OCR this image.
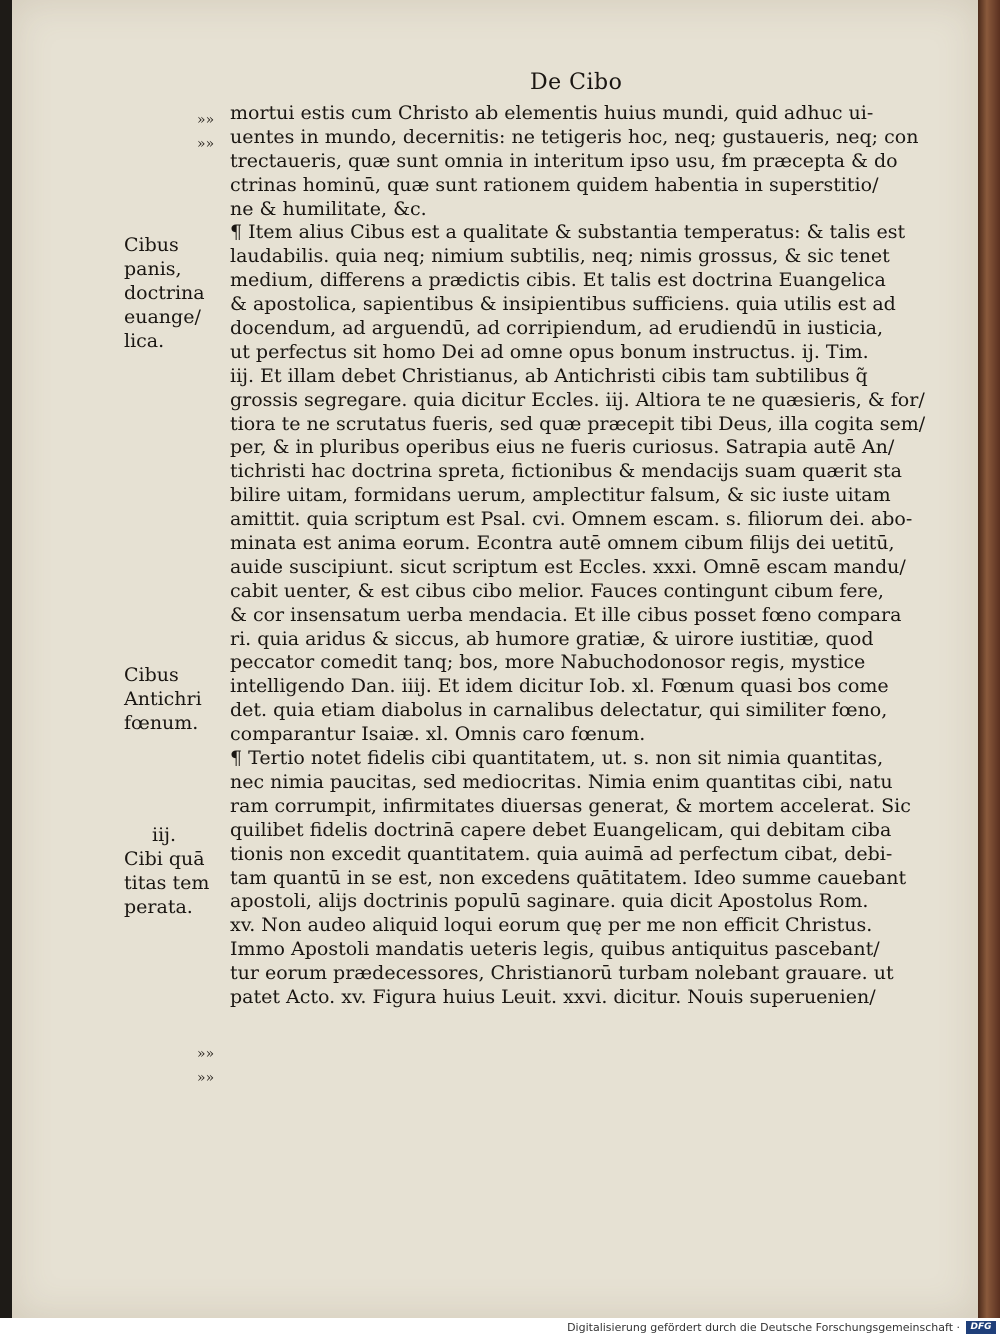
De Cibo
»»
»»
»»
»»
Cibus
panis,
doctrina
euange/
lica.
Cibus
Antichri
fœnum.
iij.
Cibi quā
titas tem
perata.
mortui estis cum Christo ab elementis huius mundi, quid adhuc ui-
uentes in mundo, decernitis: ne tetigeris hoc, neq; gustaueris, neq; con
trectaueris, quæ sunt omnia in interitum ipso usu, ẜm præcepta & do
ctrinas hominū, quæ sunt rationem quidem habentia in superstitio/
ne & humilitate, &c.
¶ Item alius Cibus est a qualitate & substantia temperatus: & talis est
laudabilis. quia neq; nimium subtilis, neq; nimis grossus, & sic tenet
medium, differens a prædictis cibis. Et talis est doctrina Euangelica
& apostolica, sapientibus & insipientibus sufficiens. quia utilis est ad
docendum, ad arguendū, ad corripiendum, ad erudiendū in iusticia,
ut perfectus sit homo Dei ad omne opus bonum instructus. ij. Tim.
iij. Et illam debet Christianus, ab Antichristi cibis tam subtilibus q̃
grossis segregare. quia dicitur Eccles. iij. Altiora te ne quæsieris, & for/
tiora te ne scrutatus fueris, sed quæ præcepit tibi Deus, illa cogita sem/
per, & in pluribus operibus eius ne fueris curiosus. Satrapia autē An/
tichristi hac doctrina spreta, fictionibus & mendacijs suam quærit sta
bilire uitam, formidans uerum, amplectitur falsum, & sic iuste uitam
amittit. quia scriptum est Psal. cvi. Omnem escam. s. filiorum dei. abo-
minata est anima eorum. Econtra autē omnem cibum filijs dei uetitū,
auide suscipiunt. sicut scriptum est Eccles. xxxi. Omnē escam mandu/
cabit uenter, & est cibus cibo melior. Fauces contingunt cibum fere,
& cor insensatum uerba mendacia. Et ille cibus posset fœno compara
ri. quia aridus & siccus, ab humore gratiæ, & uirore iustitiæ, quod
peccator comedit tanq; bos, more Nabuchodonosor regis, mystice
intelligendo Dan. iiij. Et idem dicitur Iob. xl. Fœnum quasi bos come
det. quia etiam diabolus in carnalibus delectatur, qui similiter fœno,
comparantur Isaiæ. xl. Omnis caro fœnum.
¶ Tertio notet fidelis cibi quantitatem, ut. s. non sit nimia quantitas,
nec nimia paucitas, sed mediocritas. Nimia enim quantitas cibi, natu
ram corrumpit, infirmitates diuersas generat, & mortem accelerat. Sic
quilibet fidelis doctrinā capere debet Euangelicam, qui debitam ciba
tionis non excedit quantitatem. quia auimā ad perfectum cibat, debi-
tam quantū in se est, non excedens quātitatem. Ideo summe cauebant
apostoli, alijs doctrinis populū saginare. quia dicit Apostolus Rom.
xv. Non audeo aliquid loqui eorum quę per me non efficit Christus.
Immo Apostoli mandatis ueteris legis, quibus antiquitus pascebant/
tur eorum prædecessores, Christianorū turbam nolebant grauare. ut
patet Acto. xv. Figura huius Leuit. xxvi. dicitur. Nouis superuenien/
Digitalisierung gefördert durch die Deutsche Forschungsgemeinschaft ·	DFG
